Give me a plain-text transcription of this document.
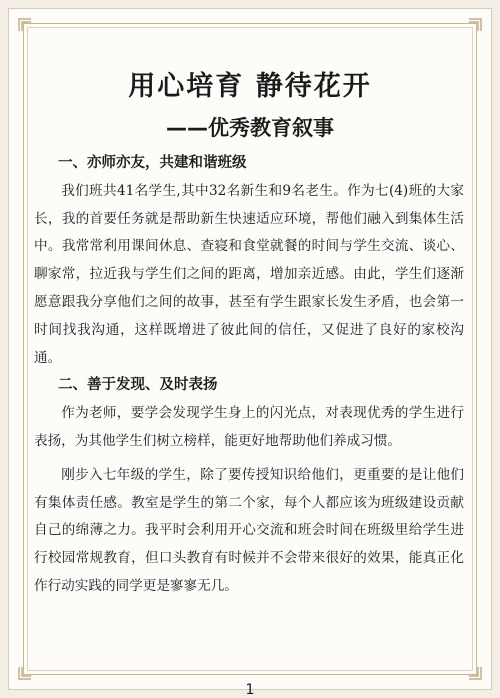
用心培育 静待花开
——优秀教育叙事
一、亦师亦友，共建和谐班级

我们班共41名学生,其中32名新生和9名老生。作为七(4)班的大家长，我的首要任务就是帮助新生快速适应环境，帮他们融入到集体生活中。我常常利用课间休息、查寝和食堂就餐的时间与学生交流、谈心、聊家常，拉近我与学生们之间的距离，增加亲近感。由此，学生们逐渐愿意跟我分享他们之间的故事，甚至有学生跟家长发生矛盾，也会第一时间找我沟通，这样既增进了彼此间的信任，又促进了良好的家校沟通。

二、善于发现、及时表扬

作为老师，要学会发现学生身上的闪光点，对表现优秀的学生进行表扬，为其他学生们树立榜样，能更好地帮助他们养成习惯。

刚步入七年级的学生，除了要传授知识给他们，更重要的是让他们有集体责任感。教室是学生的第二个家，每个人都应该为班级建设贡献自己的绵薄之力。我平时会利用开心交流和班会时间在班级里给学生进行校园常规教育，但口头教育有时候并不会带来很好的效果，能真正化作行动实践的同学更是寥寥无几。

1
